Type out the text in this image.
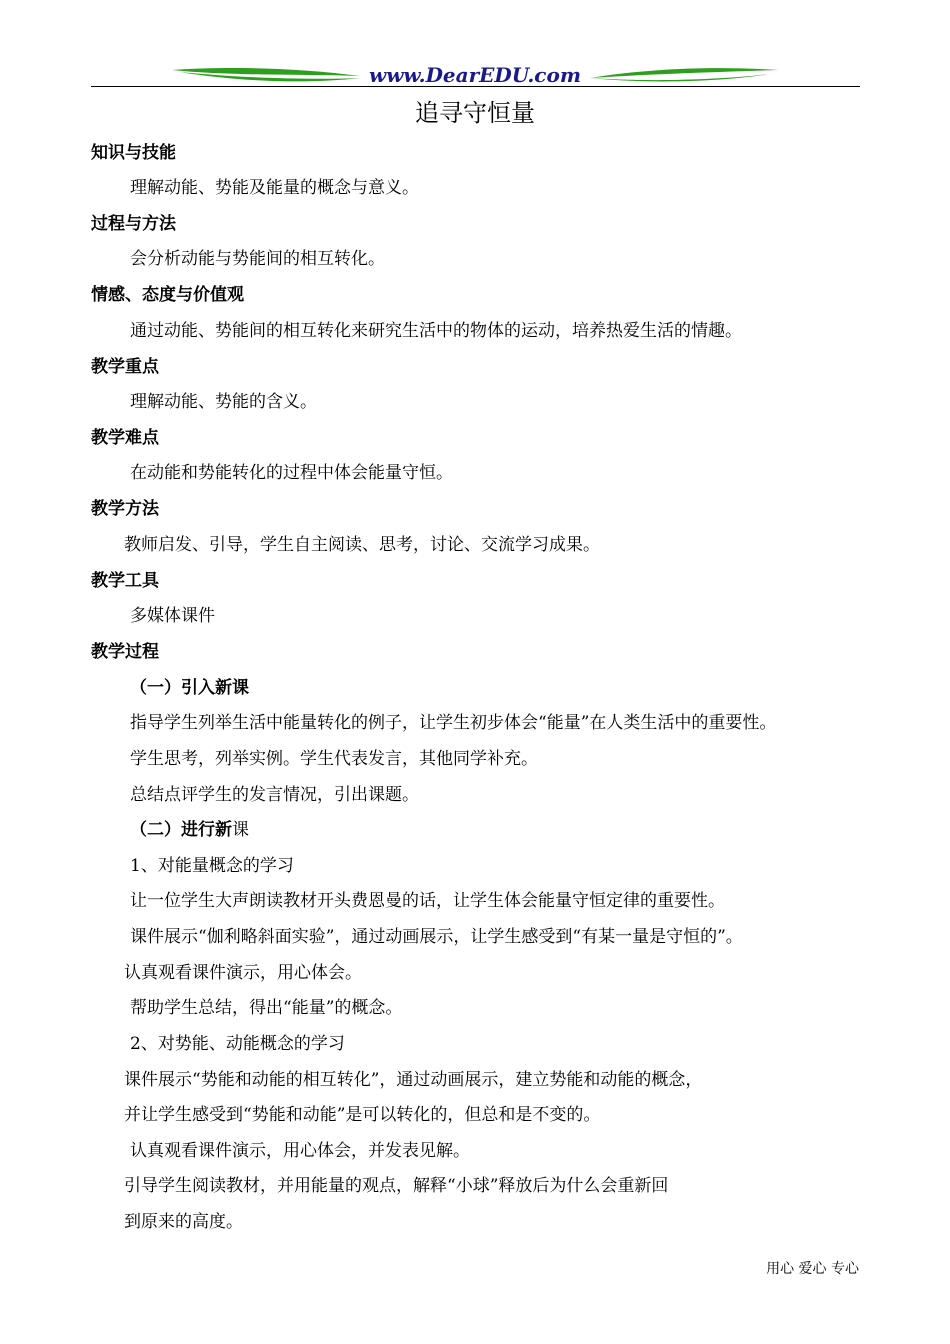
www.DearEDU.com
追寻守恒量
知识与技能
理解动能、势能及能量的概念与意义。
过程与方法
会分析动能与势能间的相互转化。
情感、态度与价值观
通过动能、势能间的相互转化来研究生活中的物体的运动，培养热爱生活的情趣。
教学重点
理解动能、势能的含义。
教学难点
在动能和势能转化的过程中体会能量守恒。
教学方法
教师启发、引导，学生自主阅读、思考，讨论、交流学习成果。
教学工具
多媒体课件
教学过程
（一）引入新课
指导学生列举生活中能量转化的例子，让学生初步体会“能量”在人类生活中的重要性。
学生思考，列举实例。学生代表发言，其他同学补充。
总结点评学生的发言情况，引出课题。
（二）进行新课
1、对能量概念的学习
让一位学生大声朗读教材开头费恩曼的话，让学生体会能量守恒定律的重要性。
课件展示“伽利略斜面实验”，通过动画展示，让学生感受到“有某一量是守恒的”。
认真观看课件演示，用心体会。
帮助学生总结，得出“能量”的概念。
2、对势能、动能概念的学习
课件展示“势能和动能的相互转化”，通过动画展示，建立势能和动能的概念，
并让学生感受到“势能和动能”是可以转化的，但总和是不变的。
认真观看课件演示，用心体会，并发表见解。
引导学生阅读教材，并用能量的观点，解释“小球”释放后为什么会重新回
到原来的高度。
用心 爱心 专心
